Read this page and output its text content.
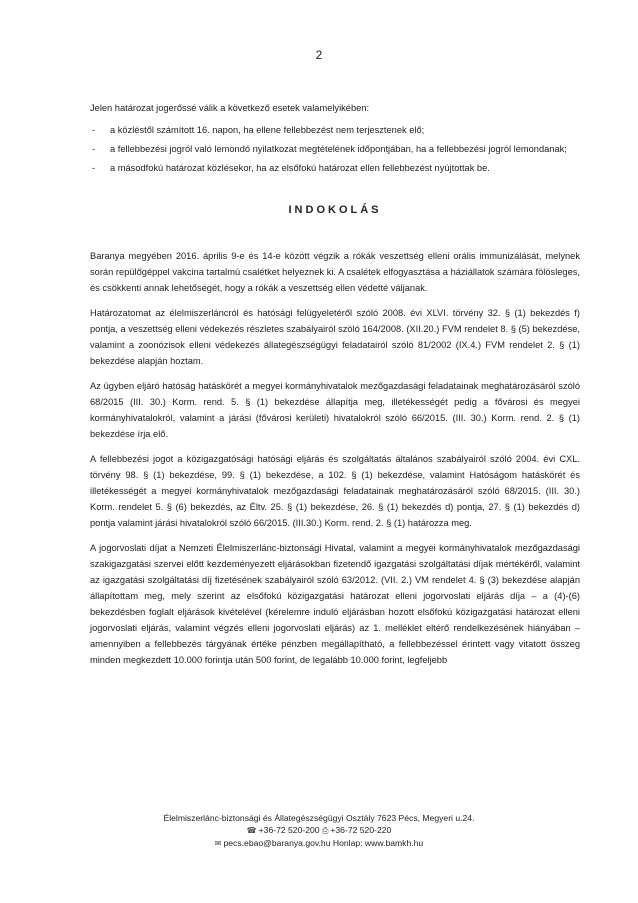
2

Jelen határozat jogerőssé válik a következő esetek valamelyikében:

- a közléstől számított 16. napon, ha ellene fellebbezést nem terjesztenek elő;
- a fellebbezési jogról való lemondó nyilatkozat megtételének időpontjában, ha a fellebbezési jogról lemondanak;
- a másodfokú határozat közlésekor, ha az elsőfokú határozat ellen fellebbezést nyújtottak be.
INDOKOLÁS

Baranya megyében 2016. április 9-e és 14-e között végzik a rókák veszettség elleni orális immunizálását, melynek során repülőgéppel vakcina tartalmú csalétket helyeznek ki. A csalétek elfogyasztása a háziállatok számára fölösleges, és csökkenti annak lehetőségét, hogy a rókák a veszettség ellen védetté váljanak.

Határozatomat az élelmiszerláncról és hatósági felügyeletéről szóló 2008. évi XLVI. törvény 32. § (1) bekezdés f) pontja, a veszettség elleni védekezés részletes szabályairól szóló 164/2008. (XII.20.) FVM rendelet 8. § (5) bekezdése, valamint a zoonózisok elleni védekezés állategészségügyi feladatairól szóló 81/2002 (IX.4.) FVM rendelet 2. § (1) bekezdése alapján hoztam.

Az ügyben eljáró hatóság hatáskörét a megyei kormányhivatalok mezőgazdasági feladatainak meghatározásáról szóló 68/2015 (III. 30.) Korm. rend. 5. § (1) bekezdése állapítja meg, illetékességét pedig a fővárosi és megyei kormányhivatalokról, valamint a járási (fővárosi kerületi) hivatalokról szóló 66/2015. (III. 30.) Korm. rend. 2. § (1) bekezdése írja elő.

A fellebbezési jogot a közigazgatósági hatósági eljárás és szolgáltatás általános szabályairól szóló 2004. évi CXL. törvény 98. § (1) bekezdése, 99. § (1) bekezdése, a 102. § (1) bekezdése, valamint Hatóságom hatáskörét és illetékességét a megyei kormányhivatalok mezőgazdasági feladatainak meghatározásáról szóló 68/2015. (III. 30.) Korm. rendelet 5. § (6) bekezdés, az Éltv. 25. § (1) bekezdése, 26. § (1) bekezdés d) pontja, 27. § (1) bekezdés d) pontja valamint járási hivatalokról szóló 66/2015. (III.30.) Korm. rend. 2. § (1) határozza meg.

A jogorvoslati díjat a Nemzeti Élelmiszerlánc-biztonsági Hivatal, valamint a megyei kormányhivatalok mezőgazdasági szakigazgatási szervei előtt kezdeményezett eljárásokban fizetendő igazgatási szolgáltatási díjak mértékéről, valamint az igazgatási szolgáltatási díj fizetésének szabályairól szóló 63/2012. (VII. 2.) VM rendelet 4. § (3) bekezdése alapján állapítottam meg, mely szerint az elsőfokú közigazgatási határozat elleni jogorvoslati eljárás díja – a (4)-(6) bekezdésben foglalt eljárások kivételével (kérelemre induló eljárásban hozott elsőfokú közigazgatási határozat elleni jogorvoslati eljárás, valamint végzés elleni jogorvoslati eljárás) az 1. melléklet eltérő rendelkezésének hiányában – amennyiben a fellebbezés tárgyának értéke pénzben megállapítható, a fellebbezéssel érintett vagy vitatott összeg minden megkezdett 10.000 forintja után 500 forint, de legalább 10.000 forint, legfeljebb

Élelmiszerlánc-biztonsági és Állategészségügyi Osztály 7623 Pécs, Megyeri u.24.
☎ +36-72 520-200 ⎙ +36-72 520-220
✉ pecs.ebao@baranya.gov.hu Honlap: www.bamkh.hu
